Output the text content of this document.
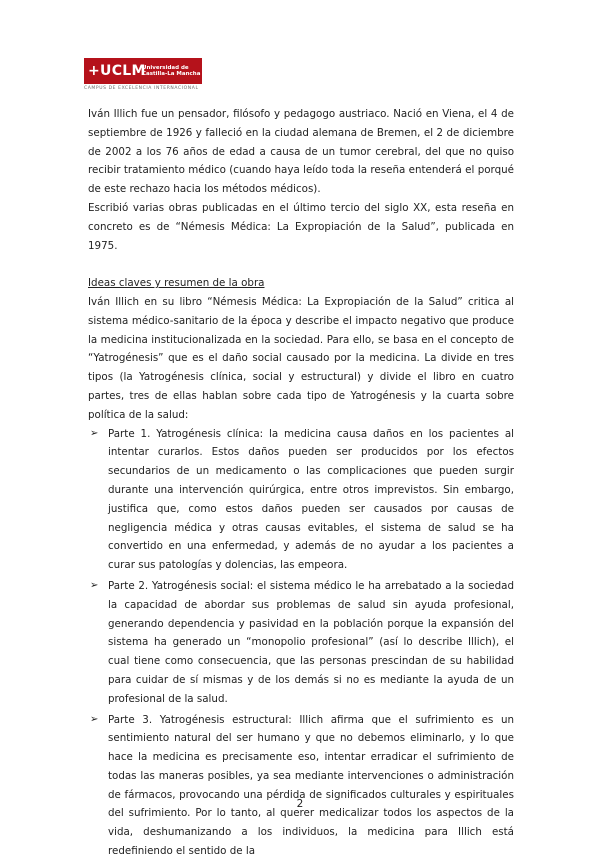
+UCLM
Universidad de
Castilla-La Mancha
CAMPUS DE EXCELENCIA INTERNACIONAL

Iván Illich fue un pensador, filósofo y pedagogo austriaco. Nació en Viena, el 4 de septiembre de 1926 y falleció en la ciudad alemana de Bremen, el 2 de diciembre de 2002 a los 76 años de edad a causa de un tumor cerebral, del que no quiso recibir tratamiento médico (cuando haya leído toda la reseña entenderá el porqué de este rechazo hacia los métodos médicos).

Escribió varias obras publicadas en el último tercio del siglo XX, esta reseña en concreto es de “Némesis Médica: La Expropiación de la Salud”, publicada en 1975.

Ideas claves y resumen de la obra

Iván Illich en su libro “Némesis Médica: La Expropiación de la Salud” critica al sistema médico-sanitario de la época y describe el impacto negativo que produce la medicina institucionalizada en la sociedad. Para ello, se basa en el concepto de “Yatrogénesis” que es el daño social causado por la medicina. La divide en tres tipos (la Yatrogénesis clínica, social y estructural) y divide el libro en cuatro partes, tres de ellas hablan sobre cada tipo de Yatrogénesis y la cuarta sobre política de la salud:

➢ Parte 1. Yatrogénesis clínica: la medicina causa daños en los pacientes al intentar curarlos. Estos daños pueden ser producidos por los efectos secundarios de un medicamento o las complicaciones que pueden surgir durante una intervención quirúrgica, entre otros imprevistos. Sin embargo, justifica que, como estos daños pueden ser causados por causas de negligencia médica y otras causas evitables, el sistema de salud se ha convertido en una enfermedad, y además de no ayudar a los pacientes a curar sus patologías y dolencias, las empeora.
➢ Parte 2. Yatrogénesis social: el sistema médico le ha arrebatado a la sociedad la capacidad de abordar sus problemas de salud sin ayuda profesional, generando dependencia y pasividad en la población porque la expansión del sistema ha generado un “monopolio profesional” (así lo describe Illich), el cual tiene como consecuencia, que las personas prescindan de su habilidad para cuidar de sí mismas y de los demás si no es mediante la ayuda de un profesional de la salud.
➢ Parte 3. Yatrogénesis estructural: Illich afirma que el sufrimiento es un sentimiento natural del ser humano y que no debemos eliminarlo, y lo que hace la medicina es precisamente eso, intentar erradicar el sufrimiento de todas las maneras posibles, ya sea mediante intervenciones o administración de fármacos, provocando una pérdida de significados culturales y espirituales del sufrimiento. Por lo tanto, al querer medicalizar todos los aspectos de la vida, deshumanizando a los individuos, la medicina para Illich está redefiniendo el sentido de la
2
